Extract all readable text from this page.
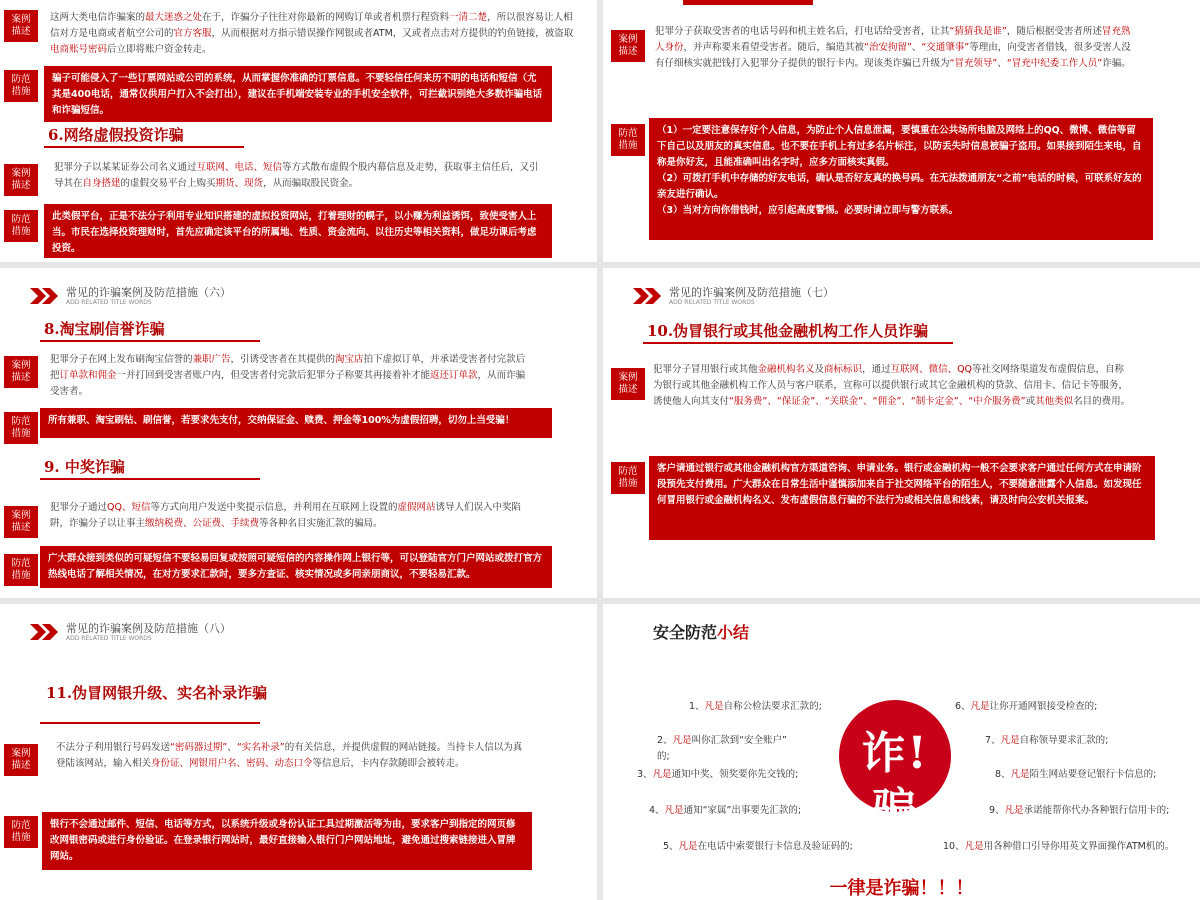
案例
描述
这两大类电信诈骗案的最大迷惑之处在于，诈骗分子往往对你最新的网购订单或者机票行程资料一清二楚，所以很容易让人相信对方是电商或者航空公司的官方客服，从而根据对方指示错误操作网银或者ATM，又或者点击对方提供的钓鱼链接，被盗取电商账号密码后立即将账户资金转走。
防范
措施
骗子可能侵入了一些订票网站或公司的系统，从而掌握你准确的订票信息。不要轻信任何来历不明的电话和短信（尤其是400电话，通常仅供用户打入不会打出），建议在手机端安装专业的手机安全软件，可拦截识别绝大多数诈骗电话和诈骗短信。
6.网络虚假投资诈骗
案例
描述
犯罪分子以某某证券公司名义通过互联网、电话、短信等方式散布虚假个股内幕信息及走势，获取事主信任后，又引导其在自身搭建的虚假交易平台上购买期货、现货，从而骗取股民资金。
防范
措施
此类假平台，正是不法分子利用专业知识搭建的虚拟投资网站，打着理财的幌子，以小赚为利益诱饵，致使受害人上当。市民在选择投资理财时，首先应确定该平台的所属地、性质、资金流向、以往历史等相关资料，做足功课后考虑投资。
案例
描述
犯罪分子获取受害者的电话号码和机主姓名后，打电话给受害者，让其“猜猜我是谁”，随后根据受害者所述冒充熟人身份，并声称要来看望受害者。随后，编造其被“治安拘留”、“交通肇事”等理由，向受害者借钱，很多受害人没有仔细核实就把钱打入犯罪分子提供的银行卡内。现该类诈骗已升级为“冒充领导”、“冒充中纪委工作人员”诈骗。
防范
措施
（1）一定要注意保存好个人信息，为防止个人信息泄漏，要慎重在公共场所电脑及网络上的QQ、微博、微信等留下自己以及朋友的真实信息。也不要在手机上有过多名片标注，以防丢失时信息被骗子盗用。如果接到陌生来电，自称是你好友，且能准确叫出名字时，应多方面核实真假。
（2）可拨打手机中存储的好友电话，确认是否好友真的换号码。在无法拨通朋友“之前”电话的时候，可联系好友的亲友进行确认。
（3）当对方向你借钱时，应引起高度警惕。必要时请立即与警方联系。
常见的诈骗案例及防范措施（六）
ADD RELATED TITLE WORDS
8.淘宝刷信誉诈骗
案例
描述
犯罪分子在网上发布刷淘宝信誉的兼职广告，引诱受害者在其提供的淘宝店拍下虚拟订单，并承诺受害者付完款后把订单款和佣金一并打回到受害者账户内，但受害者付完款后犯罪分子称要其再接着补才能返还订单款，从而诈骗受害者。
防范
措施
所有兼职、淘宝刷钻、刷信誉，若要求先支付，交纳保证金、赎费、押金等100%为虚假招聘，切勿上当受骗！
9. 中奖诈骗
案例
描述
犯罪分子通过QQ、短信等方式向用户发送中奖提示信息，并利用在互联网上设置的虚假网站诱导人们误入中奖陷阱，诈骗分子以让事主缴纳税费、公证费、手续费等各种名目实施汇款的骗局。
防范
措施
广大群众接到类似的可疑短信不要轻易回复或按照可疑短信的内容操作网上银行等，可以登陆官方门户网站或拨打官方热线电话了解相关情况，在对方要求汇款时，要多方查证、核实情况或多同亲朋商议，不要轻易汇款。
常见的诈骗案例及防范措施（七）
ADD RELATED TITLE WORDS
10.伪冒银行或其他金融机构工作人员诈骗
案例
描述
犯罪分子冒用银行或其他金融机构名义及商标标识，通过互联网、微信、QQ等社交网络渠道发布虚假信息，自称为银行或其他金融机构工作人员与客户联系，宣称可以提供银行或其它金融机构的贷款、信用卡、信记卡等服务，诱使他人向其支付“服务费”、“保证金”、“关联金”、“佣金”、“制卡定金”、“中介服务费”或其他类似名目的费用。
防范
措施
客户请通过银行或其他金融机构官方渠道咨询、申请业务。银行或金融机构一般不会要求客户通过任何方式在申请阶段预先支付费用。广大群众在日常生活中谨慎添加来自于社交网络平台的陌生人，不要随意泄露个人信息。如发现任何冒用银行或金融机构名义、发布虚假信息行骗的不法行为或相关信息和线索，请及时向公安机关报案。
常见的诈骗案例及防范措施（八）
ADD RELATED TITLE WORDS
11.伪冒网银升级、实名补录诈骗
案例
描述
不法分子利用银行号码发送“密码器过期”、“实名补录”的有关信息，并提供虚假的网站链接。当持卡人信以为真登陆该网站，输入相关身份证、网银用户名、密码、动态口令等信息后，卡内存款随即会被转走。
防范
措施
银行不会通过邮件、短信、电话等方式，以系统升级或身份认证工具过期激活等为由，要求客户到指定的网页修改网银密码或进行身份验证。在登录银行网站时，最好直接输入银行门户网站地址，避免通过搜索链接进入冒牌网站。
安全防范小结
1、凡是自称公检法要求汇款的;
2、凡是叫你汇款到“安全账户”
的;
3、凡是通知中奖、领奖要你先交钱的;
4、凡是通知“家属”出事要先汇款的;
5、凡是在电话中索要银行卡信息及验证码的;
6、凡是让你开通网银接受检查的;
7、凡是自称领导要求汇款的;
8、凡是陌生网站要登记银行卡信息的;
9、凡是承诺能帮你代办各种银行信用卡的;
10、凡是用各种借口引导你用英文界面操作ATM机的。
诈!骗
一律是诈骗！！！
